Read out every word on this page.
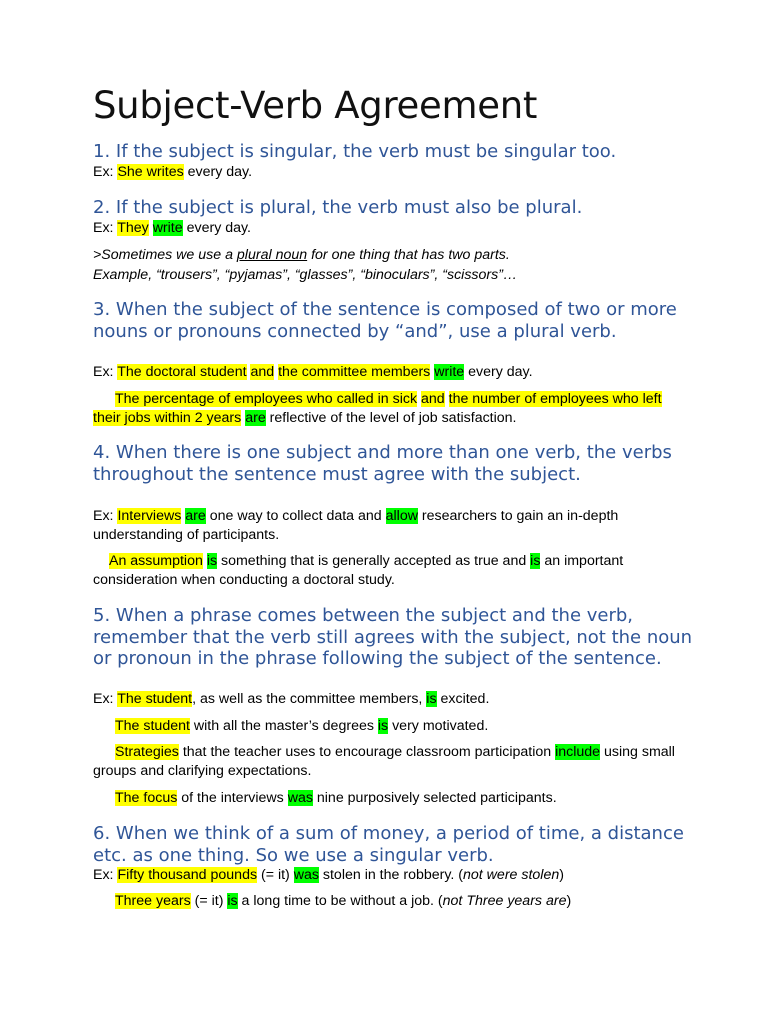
Subject-Verb Agreement
1. If the subject is singular, the verb must be singular too.
Ex: She writes every day.
2. If the subject is plural, the verb must also be plural.
Ex: They write every day.
>Sometimes we use a plural noun for one thing that has two parts.
Example, “trousers”, “pyjamas”, “glasses”, “binoculars”, “scissors”…
3. When the subject of the sentence is composed of two or more nouns or pronouns connected by “and”, use a plural verb.
Ex: The doctoral student and the committee members write every day.
The percentage of employees who called in sick and the number of employees who left their jobs within 2 years are reflective of the level of job satisfaction.
4. When there is one subject and more than one verb, the verbs throughout the sentence must agree with the subject.
Ex: Interviews are one way to collect data and allow researchers to gain an in-depth understanding of participants.
An assumption is something that is generally accepted as true and is an important consideration when conducting a doctoral study.
5. When a phrase comes between the subject and the verb, remember that the verb still agrees with the subject, not the noun or pronoun in the phrase following the subject of the sentence.
Ex: The student, as well as the committee members, is excited.
The student with all the master’s degrees is very motivated.
Strategies that the teacher uses to encourage classroom participation include using small groups and clarifying expectations.
The focus of the interviews was nine purposively selected participants.
6. When we think of a sum of money, a period of time, a distance etc. as one thing. So we use a singular verb.
Ex: Fifty thousand pounds (= it) was stolen in the robbery. (not were stolen)
Three years (= it) is a long time to be without a job. (not Three years are)
